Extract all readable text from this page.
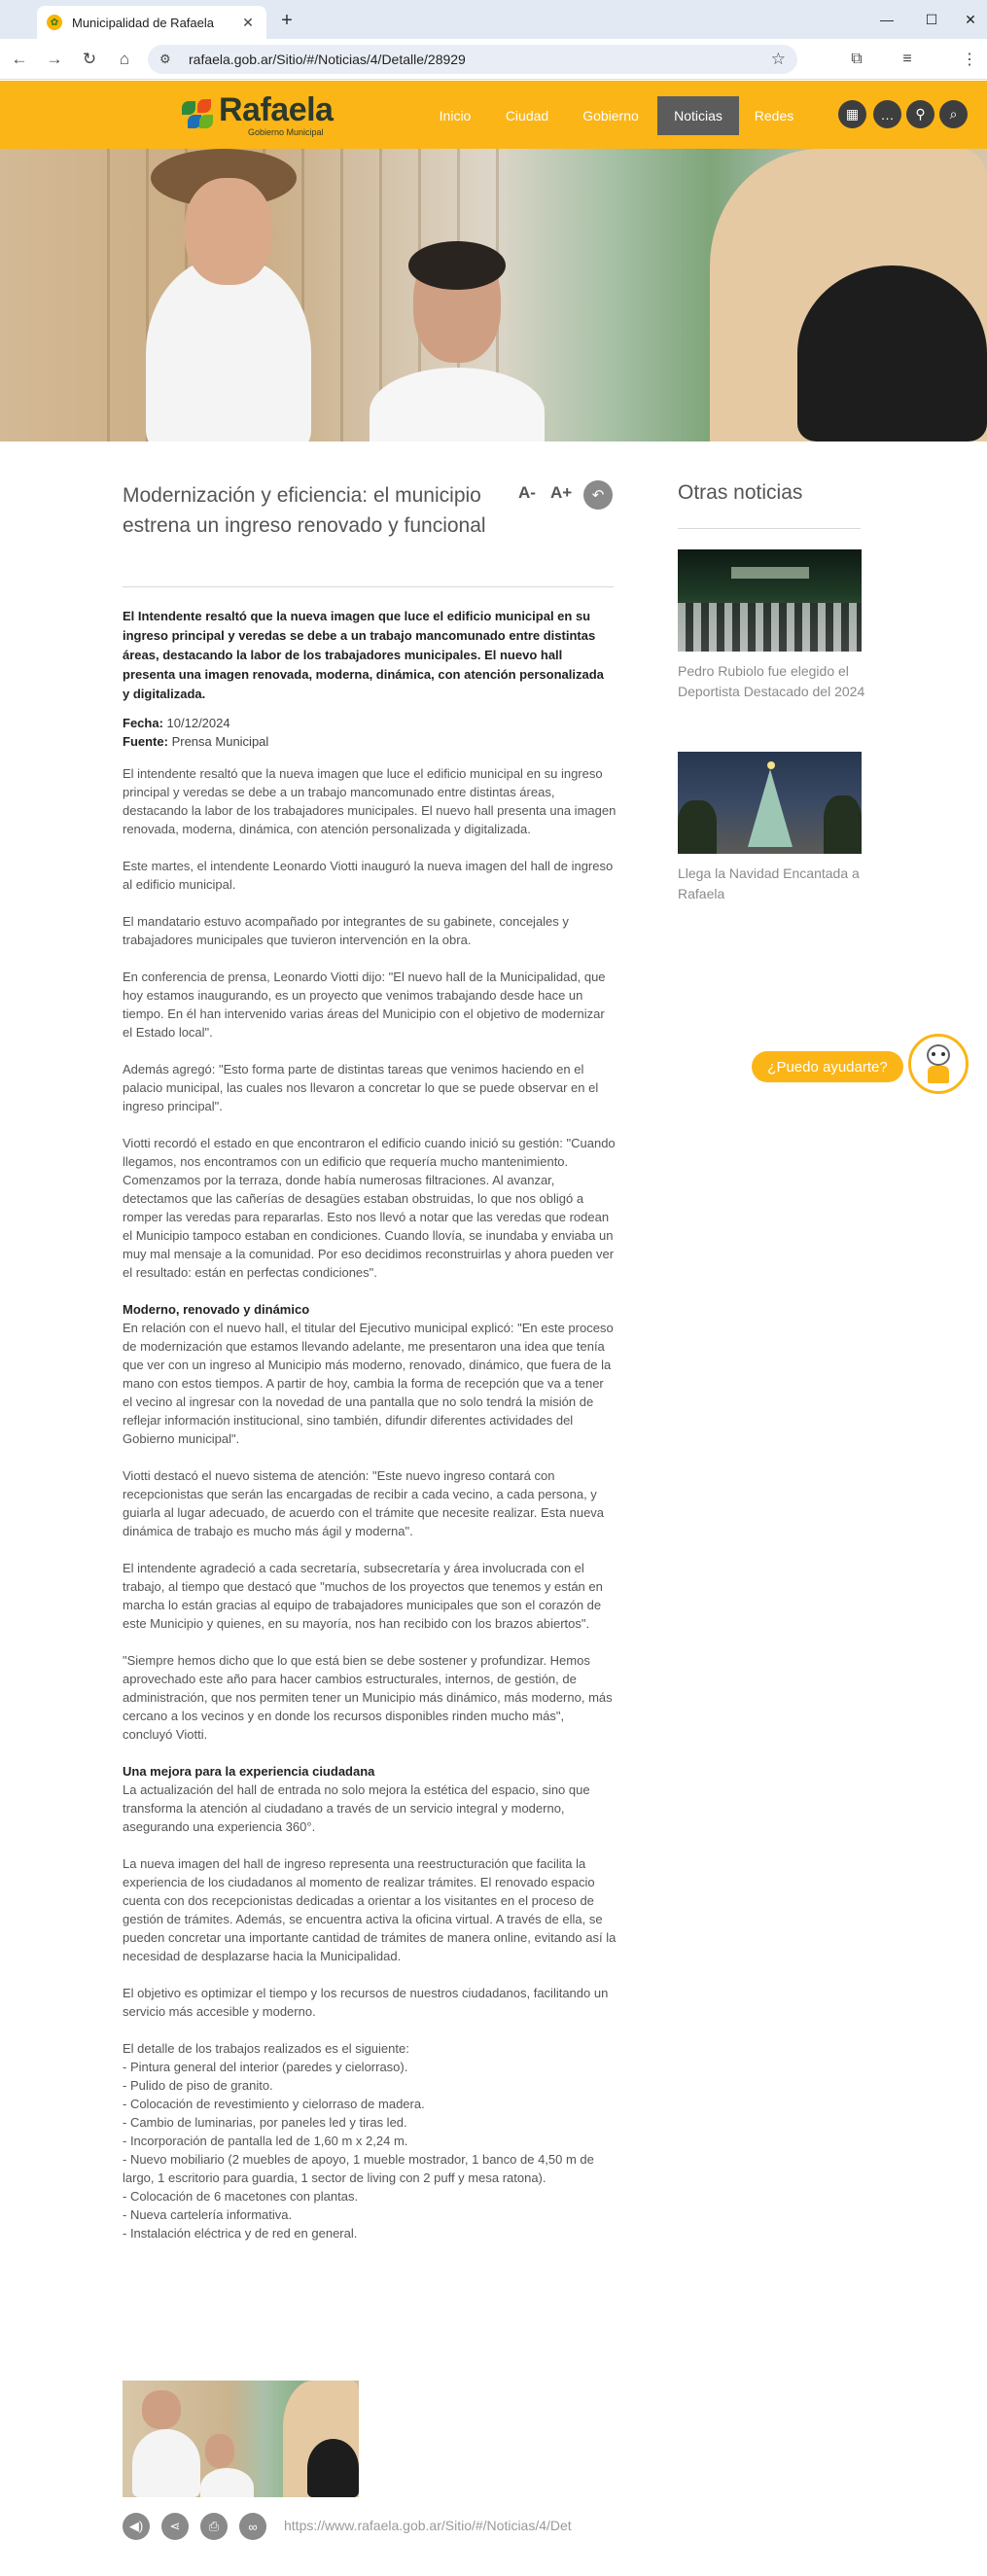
✿ Municipalidad de Rafaela	✕	+	—	☐	✕
← → ↻	⌂	⚙	rafaela.gob.ar/Sitio/#/Noticias/4/Detalle/28929	☆	⧉	≡	⋮
Rafaela
Gobierno Municipal
Inicio	Ciudad	Gobierno	Noticias	Redes	▦	…	⚲	⌕
Modernización y eficiencia: el municipio estrena un ingreso renovado y funcional
A- A+	↶
El Intendente resaltó que la nueva imagen que luce el edificio municipal en su ingreso principal y veredas se debe a un trabajo mancomunado entre distintas áreas, destacando la labor de los trabajadores municipales. El nuevo hall presenta una imagen renovada, moderna, dinámica, con atención personalizada y digitalizada.
Fecha: 10/12/2024
Fuente: Prensa Municipal

El intendente resaltó que la nueva imagen que luce el edificio municipal en su ingreso principal y veredas se debe a un trabajo mancomunado entre distintas áreas, destacando la labor de los trabajadores municipales. El nuevo hall presenta una imagen renovada, moderna, dinámica, con atención personalizada y digitalizada.

Este martes, el intendente Leonardo Viotti inauguró la nueva imagen del hall de ingreso al edificio municipal.

El mandatario estuvo acompañado por integrantes de su gabinete, concejales y trabajadores municipales que tuvieron intervención en la obra.

En conferencia de prensa, Leonardo Viotti dijo: "El nuevo hall de la Municipalidad, que hoy estamos inaugurando, es un proyecto que venimos trabajando desde hace un tiempo. En él han intervenido varias áreas del Municipio con el objetivo de modernizar el Estado local".

Además agregó: "Esto forma parte de distintas tareas que venimos haciendo en el palacio municipal, las cuales nos llevaron a concretar lo que se puede observar en el ingreso principal".

Viotti recordó el estado en que encontraron el edificio cuando inició su gestión: "Cuando llegamos, nos encontramos con un edificio que requería mucho mantenimiento. Comenzamos por la terraza, donde había numerosas filtraciones. Al avanzar, detectamos que las cañerías de desagües estaban obstruidas, lo que nos obligó a romper las veredas para repararlas. Esto nos llevó a notar que las veredas que rodean el Municipio tampoco estaban en condiciones. Cuando llovía, se inundaba y enviaba un muy mal mensaje a la comunidad. Por eso decidimos reconstruirlas y ahora pueden ver el resultado: están en perfectas condiciones".

Moderno, renovado y dinámico

En relación con el nuevo hall, el titular del Ejecutivo municipal explicó: "En este proceso de modernización que estamos llevando adelante, me presentaron una idea que tenía que ver con un ingreso al Municipio más moderno, renovado, dinámico, que fuera de la mano con estos tiempos. A partir de hoy, cambia la forma de recepción que va a tener el vecino al ingresar con la novedad de una pantalla que no solo tendrá la misión de reflejar información institucional, sino también, difundir diferentes actividades del Gobierno municipal".

Viotti destacó el nuevo sistema de atención: "Este nuevo ingreso contará con recepcionistas que serán las encargadas de recibir a cada vecino, a cada persona, y guiarla al lugar adecuado, de acuerdo con el trámite que necesite realizar. Esta nueva dinámica de trabajo es mucho más ágil y moderna".

El intendente agradeció a cada secretaría, subsecretaría y área involucrada con el trabajo, al tiempo que destacó que "muchos de los proyectos que tenemos y están en marcha lo están gracias al equipo de trabajadores municipales que son el corazón de este Municipio y quienes, en su mayoría, nos han recibido con los brazos abiertos".

"Siempre hemos dicho que lo que está bien se debe sostener y profundizar. Hemos aprovechado este año para hacer cambios estructurales, internos, de gestión, de administración, que nos permiten tener un Municipio más dinámico, más moderno, más cercano a los vecinos y en donde los recursos disponibles rinden mucho más", concluyó Viotti.

Una mejora para la experiencia ciudadana

La actualización del hall de entrada no solo mejora la estética del espacio, sino que transforma la atención al ciudadano a través de un servicio integral y moderno, asegurando una experiencia 360°.

La nueva imagen del hall de ingreso representa una reestructuración que facilita la experiencia de los ciudadanos al momento de realizar trámites. El renovado espacio cuenta con dos recepcionistas dedicadas a orientar a los visitantes en el proceso de gestión de trámites. Además, se encuentra activa la oficina virtual. A través de ella, se pueden concretar una importante cantidad de trámites de manera online, evitando así la necesidad de desplazarse hacia la Municipalidad.

El objetivo es optimizar el tiempo y los recursos de nuestros ciudadanos, facilitando un servicio más accesible y moderno.

El detalle de los trabajos realizados es el siguiente:
- Pintura general del interior (paredes y cielorraso).
- Pulido de piso de granito.
- Colocación de revestimiento y cielorraso de madera.
- Cambio de luminarias, por paneles led y tiras led.
- Incorporación de pantalla led de 1,60 m x 2,24 m.
- Nuevo mobiliario (2 muebles de apoyo, 1 mueble mostrador, 1 banco de 4,50 m de largo, 1 escritorio para guardia, 1 sector de living con 2 puff y mesa ratona).
- Colocación de 6 macetones con plantas.
- Nueva cartelería informativa.
- Instalación eléctrica y de red en general.
◀)	⋖	⎙	∞	https://www.rafaela.gob.ar/Sitio/#/Noticias/4/Det
Otras noticias
Pedro Rubiolo fue elegido el Deportista Destacado del 2024
Llega la Navidad Encantada a Rafaela
¿Puedo ayudarte?
